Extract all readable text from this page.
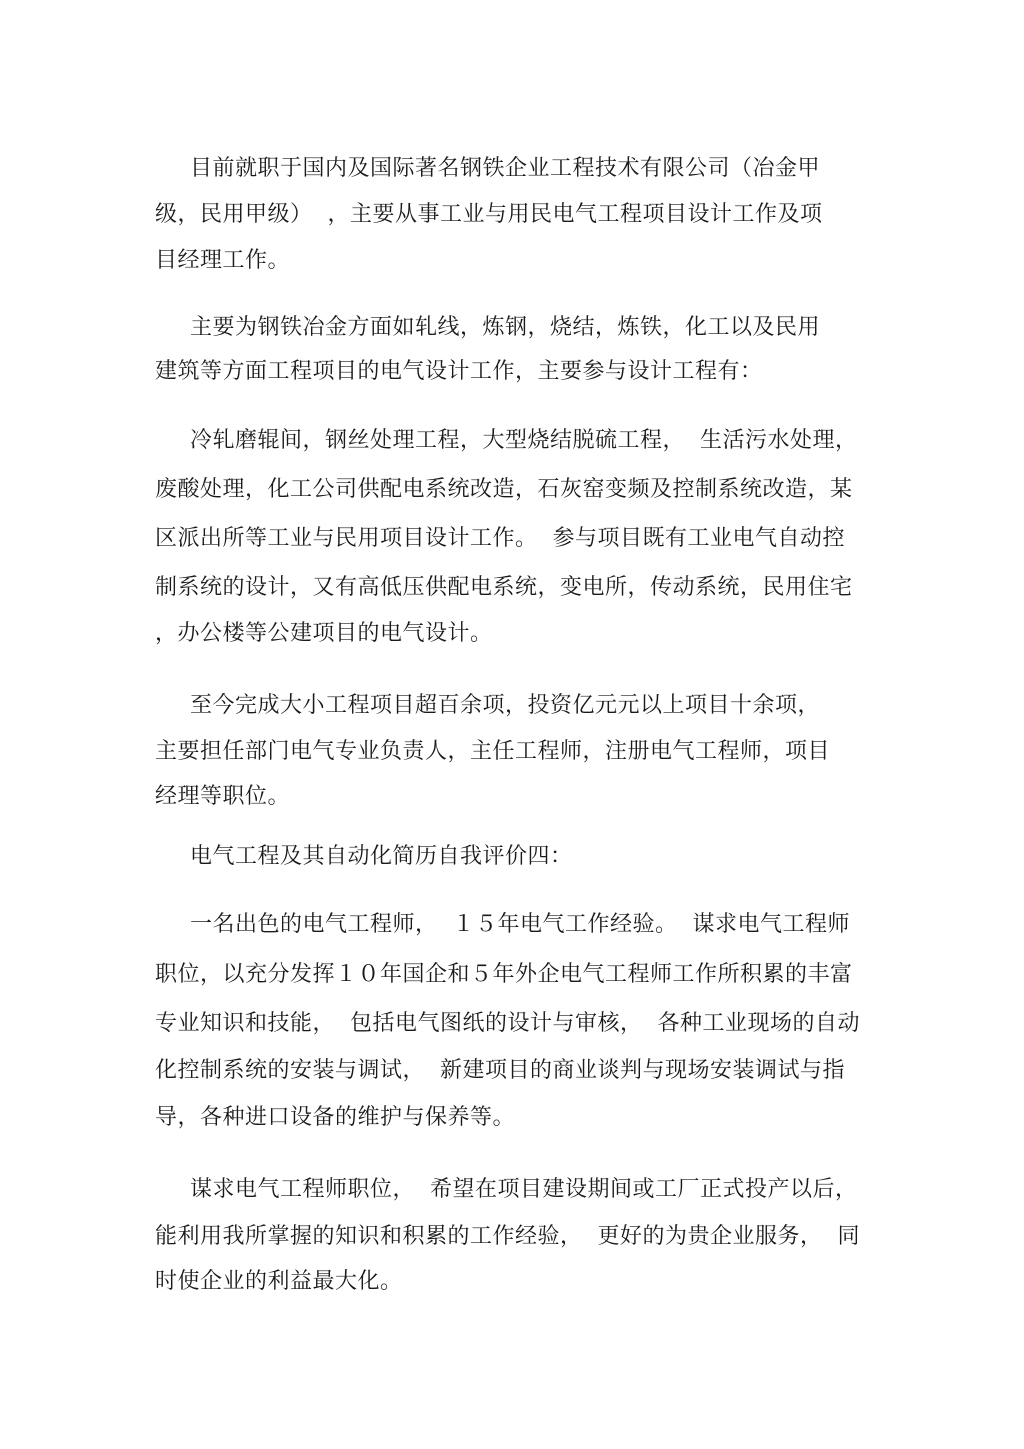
目前就职于国内及国际著名钢铁企业工程技术有限公司（冶金甲
级，民用甲级）  ，主要从事工业与用民电气工程项目设计工作及项
目经理工作。
主要为钢铁冶金方面如轧线，炼钢，烧结，炼铁，化工以及民用
建筑等方面工程项目的电气设计工作，主要参与设计工程有：
冷轧磨辊间，钢丝处理工程，大型烧结脱硫工程，  生活污水处理，
废酸处理，化工公司供配电系统改造，石灰窑变频及控制系统改造，某
区派出所等工业与民用项目设计工作。  参与项目既有工业电气自动控
制系统的设计，又有高低压供配电系统，变电所，传动系统，民用住宅
，办公楼等公建项目的电气设计。
至今完成大小工程项目超百余项，投资亿元元以上项目十余项，
主要担任部门电气专业负责人，主任工程师，注册电气工程师，项目
经理等职位。
电气工程及其自动化简历自我评价四：
一名出色的电气工程师，  １５年电气工作经验。  谋求电气工程师
职位，以充分发挥１０年国企和５年外企电气工程师工作所积累的丰富
专业知识和技能，  包括电气图纸的设计与审核，  各种工业现场的自动
化控制系统的安装与调试，  新建项目的商业谈判与现场安装调试与指
导，各种进口设备的维护与保养等。
谋求电气工程师职位，  希望在项目建设期间或工厂正式投产以后，
能利用我所掌握的知识和积累的工作经验，  更好的为贵企业服务，  同
时使企业的利益最大化。
